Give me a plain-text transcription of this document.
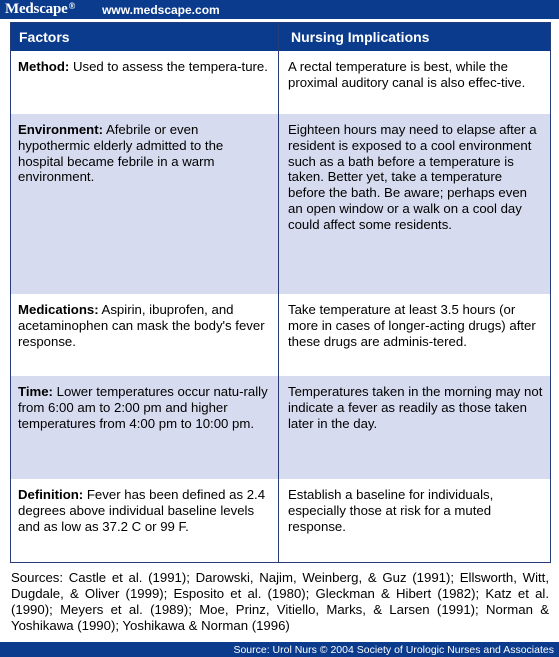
Medscape® www.medscape.com
Factors	Nursing Implications
Method: Used to assess the tempera-ture.	A rectal temperature is best, while the proximal auditory canal is also effec-tive.
Environment: Afebrile or even hypothermic elderly admitted to the hospital became febrile in a warm environment.
Eighteen hours may need to elapse after a resident is exposed to a cool environment such as a bath before a temperature is taken. Better yet, take a temperature before the bath. Be aware; perhaps even an open window or a walk on a cool day could affect some residents.
Medications: Aspirin, ibuprofen, and acetaminophen can mask the body's fever response.
Take temperature at least 3.5 hours (or more in cases of longer-acting drugs) after these drugs are adminis-tered.
Time: Lower temperatures occur natu-rally from 6:00 am to 2:00 pm and higher temperatures from 4:00 pm to 10:00 pm.
Temperatures taken in the morning may not indicate a fever as readily as those taken later in the day.
Definition: Fever has been defined as 2.4 degrees above individual baseline levels and as low as 37.2 C or 99 F.
Establish a baseline for individuals, especially those at risk for a muted response.
Sources: Castle et al. (1991); Darowski, Najim, Weinberg, & Guz (1991); Ellsworth, Witt, Dugdale, & Oliver (1999); Esposito et al. (1980); Gleckman & Hibert (1982); Katz et al. (1990); Meyers et al. (1989); Moe, Prinz, Vitiello, Marks, & Larsen (1991); Norman & Yoshikawa (1990); Yoshikawa & Norman (1996)
Source: Urol Nurs © 2004 Society of Urologic Nurses and Associates
